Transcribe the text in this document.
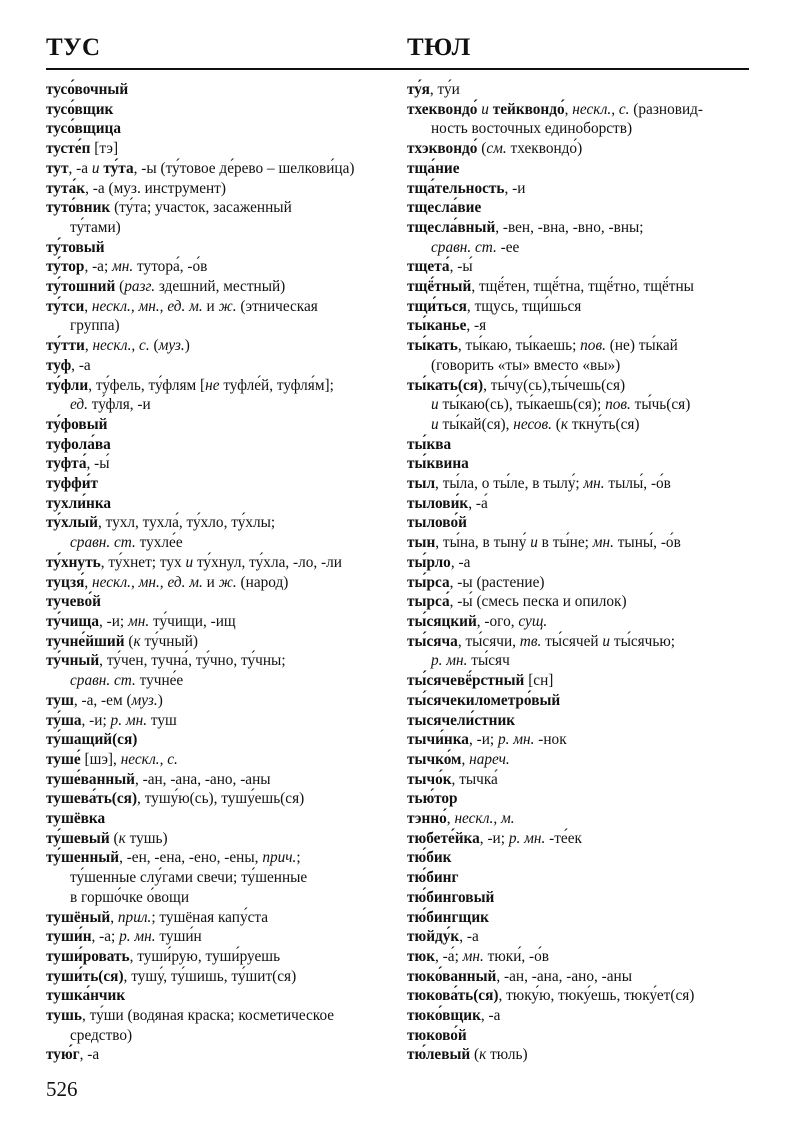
ТУС	ТЮЛ
тусо́вочный
тусо́вщик
тусо́вщица
тусте́п [тэ]
тут, -а и ту́та, -ы (ту́товое де́рево – шелкови́ца)
тута́к, -а (муз. инструмент)
туто́вник (ту́та; участок, засаженный
ту́тами)
ту́товый
ту́тор, -а; мн. тутора́, -о́в
ту́тошний (разг. здешний, местный)
ту́тси, нескл., мн., ед. м. и ж. (этническая
группа)
ту́тти, нескл., с. (муз.)
туф, -а
ту́фли, ту́фель, ту́флям [не туфле́й, туфля́м];
ед. ту́фля, -и
ту́фовый
туфола́ва
туфта́, -ы́
туффи́т
тухли́нка
ту́хлый, тухл, тухла́, ту́хло, ту́хлы;
сравн. ст. тухле́е
ту́хнуть, ту́хнет; тух и ту́хнул, ту́хла, -ло, -ли
туцзя́, нескл., мн., ед. м. и ж. (народ)
тучево́й
ту́чища, -и; мн. ту́чищи, -ищ
тучне́йший (к ту́чный)
ту́чный, ту́чен, тучна́, ту́чно, ту́чны;
сравн. ст. тучне́е
туш, -а, -ем (муз.)
ту́ша, -и; р. мн. туш
ту́шащий(ся)
туше́ [шэ], нескл., с.
туше́ванный, -ан, -ана, -ано, -аны
тушева́ть(ся), тушу́ю(сь), тушу́ешь(ся)
тушёвка
ту́шевый (к тушь)
ту́шенный, -ен, -ена, -ено, -ены, прич.;
ту́шенные слу́гами свечи; ту́шенные
в горшо́чке о́вощи
тушёный, прил.; тушёная капу́ста
туши́н, -а; р. мн. туши́н
туши́ровать, туши́рую, туши́руешь
туши́ть(ся), тушу́, ту́шишь, ту́шит(ся)
тушка́нчик
тушь, ту́ши (водяная краска; косметическое
средство)
тую́г, -а
ту́я, ту́и
тхеквондо́ и тейквондо́, нескл., с. (разновид-
ность восточных единоборств)
тхэквондо́ (см. тхеквондо́)
тща́ние
тща́тельность, -и
тщесла́вие
тщесла́вный, -вен, -вна, -вно, -вны;
сравн. ст. -ее
тщета́, -ы́
тщё́тный, тщё́тен, тщё́тна, тщё́тно, тщё́тны
тщи́ться, тщусь, тщи́шься
ты́канье, -я
ты́кать, ты́каю, ты́каешь; пов. (не) ты́кай
(говорить «ты» вместо «вы»)
ты́кать(ся), ты́чу(сь),ты́чешь(ся)
и ты́каю(сь), ты́каешь(ся); пов. ты́чь(ся)
и ты́кай(ся), несов. (к ткну́ть(ся)
ты́ква
ты́квина
тыл, ты́ла, о ты́ле, в тылу́; мн. тылы́, -о́в
тылови́к, -а́
тылово́й
тын, ты́на, в тыну́ и в ты́не; мн. тыны́, -о́в
ты́рло, -а
ты́рса, -ы (растение)
тырса́, -ы́ (смесь песка и опилок)
ты́сяцкий, -ого, сущ.
ты́сяча, ты́сячи, тв. ты́сячей и ты́сячью;
р. мн. ты́сяч
ты́сячевё́рстный [сн]
ты́сячекилометро́вый
тысячели́стник
тычи́нка, -и; р. мн. -нок
тычко́м, нареч.
тычо́к, тычка́
тью́тор
тэнно́, нескл., м.
тюбете́йка, -и; р. мн. -те́ек
тю́бик
тю́бинг
тю́бинговый
тю́бингщик
тюйду́к, -а
тюк, -а́; мн. тюки́, -о́в
тюко́ванный, -ан, -ана, -ано, -аны
тюкова́ть(ся), тюку́ю, тюку́ешь, тюку́ет(ся)
тюко́вщик, -а
тюково́й
тю́левый (к тюль)
526
